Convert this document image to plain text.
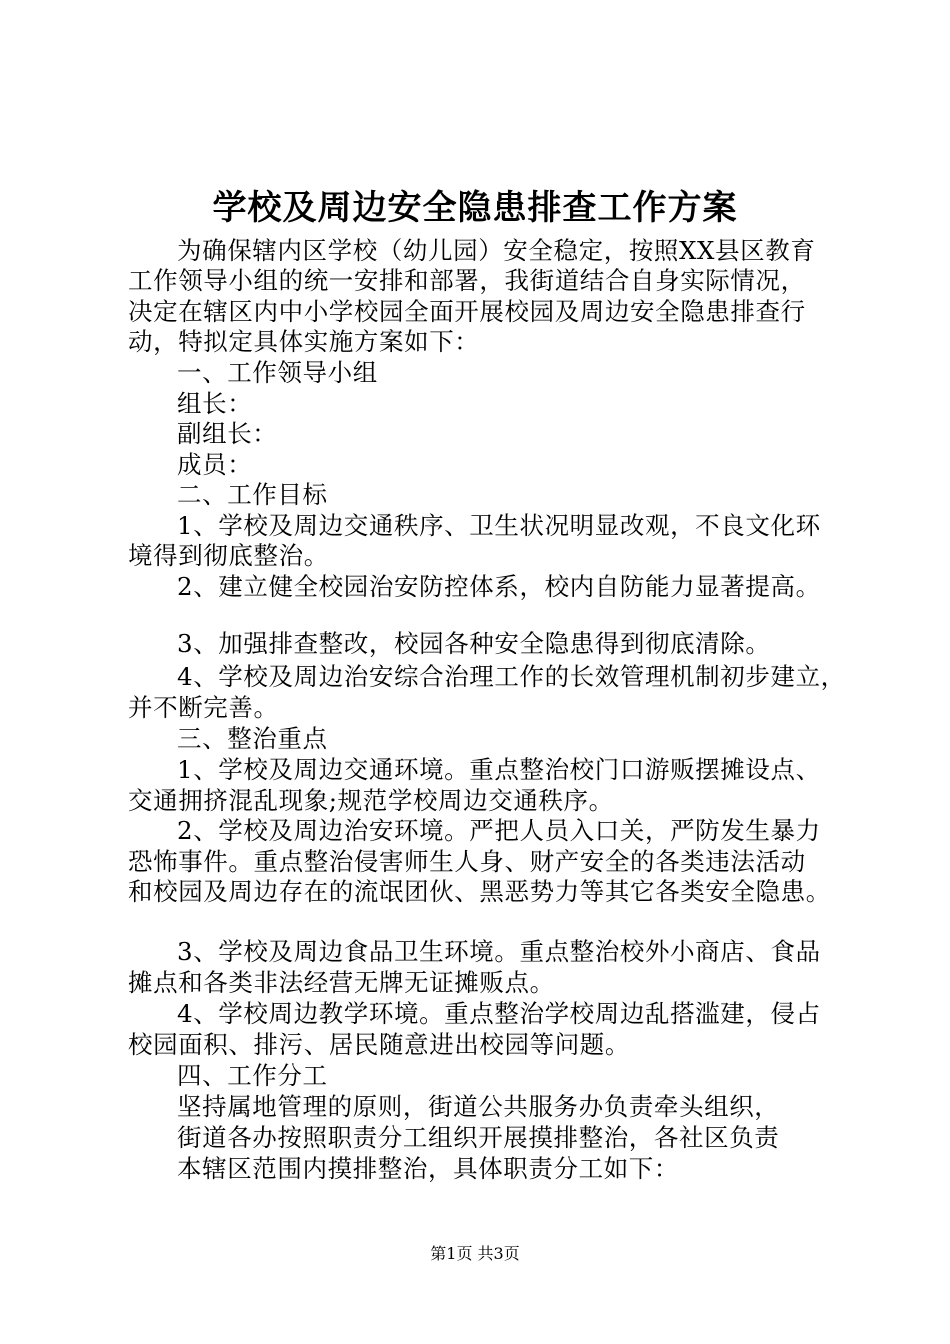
学校及周边安全隐患排查工作方案
为确保辖内区学校（幼儿园）安全稳定，按照XX县区教育
工作领导小组的统一安排和部署，我街道结合自身实际情况，
决定在辖区内中小学校园全面开展校园及周边安全隐患排查行
动，特拟定具体实施方案如下：
一、工作领导小组
组长：
副组长：
成员：
二、工作目标
1、学校及周边交通秩序、卫生状况明显改观，不良文化环
境得到彻底整治。
2、建立健全校园治安防控体系，校内自防能力显著提高。
3、加强排查整改，校园各种安全隐患得到彻底清除。
4、学校及周边治安综合治理工作的长效管理机制初步建立，
并不断完善。
三、整治重点
1、学校及周边交通环境。重点整治校门口游贩摆摊设点、
交通拥挤混乱现象;规范学校周边交通秩序。
2、学校及周边治安环境。严把人员入口关，严防发生暴力
恐怖事件。重点整治侵害师生人身、财产安全的各类违法活动
和校园及周边存在的流氓团伙、黑恶势力等其它各类安全隐患。
3、学校及周边食品卫生环境。重点整治校外小商店、食品
摊点和各类非法经营无牌无证摊贩点。
4、学校周边教学环境。重点整治学校周边乱搭滥建，侵占
校园面积、排污、居民随意进出校园等问题。
四、工作分工
坚持属地管理的原则，街道公共服务办负责牵头组织，
街道各办按照职责分工组织开展摸排整治，各社区负责
本辖区范围内摸排整治，具体职责分工如下：
第1页 共3页
